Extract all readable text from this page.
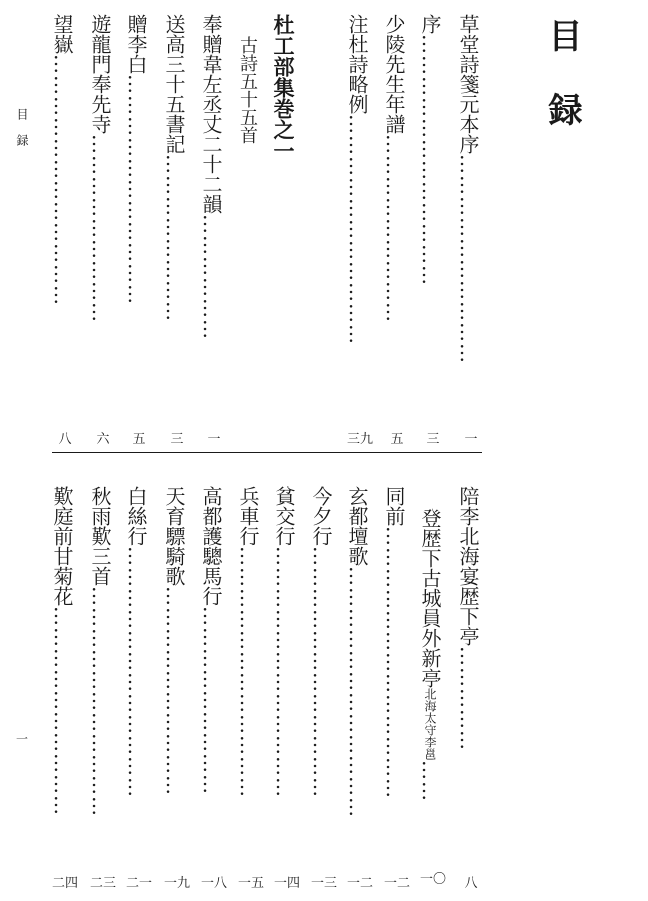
目録
目録
一
草堂詩箋元本序…………………………
一
序………………………………
三
少陵先生年譜………………………
五
注杜詩略例……………………………
三九
杜工部集巻之一
古詩五十五首
奉贈韋左丞丈二十二韻………………
一
送高三十五書記……………………
三
贈李白……………………………
五
遊龍門奉先寺………………………
六
望嶽………………………………
八
陪李北海宴歴下亭……………
八
登歴下古城員外新亭北海太守李邕……
一〇
同前…………………………………
一二
玄都壇歌………………………………
一二
今夕行………………………………
一三
貧交行………………………………
一四
兵車行………………………………
一五
高都護驄馬行………………………
一八
天育驃騎歌…………………………
一九
白絲行………………………………
二一
秋雨歎三首……………………………
二三
歎庭前甘菊花…………………………
二四
